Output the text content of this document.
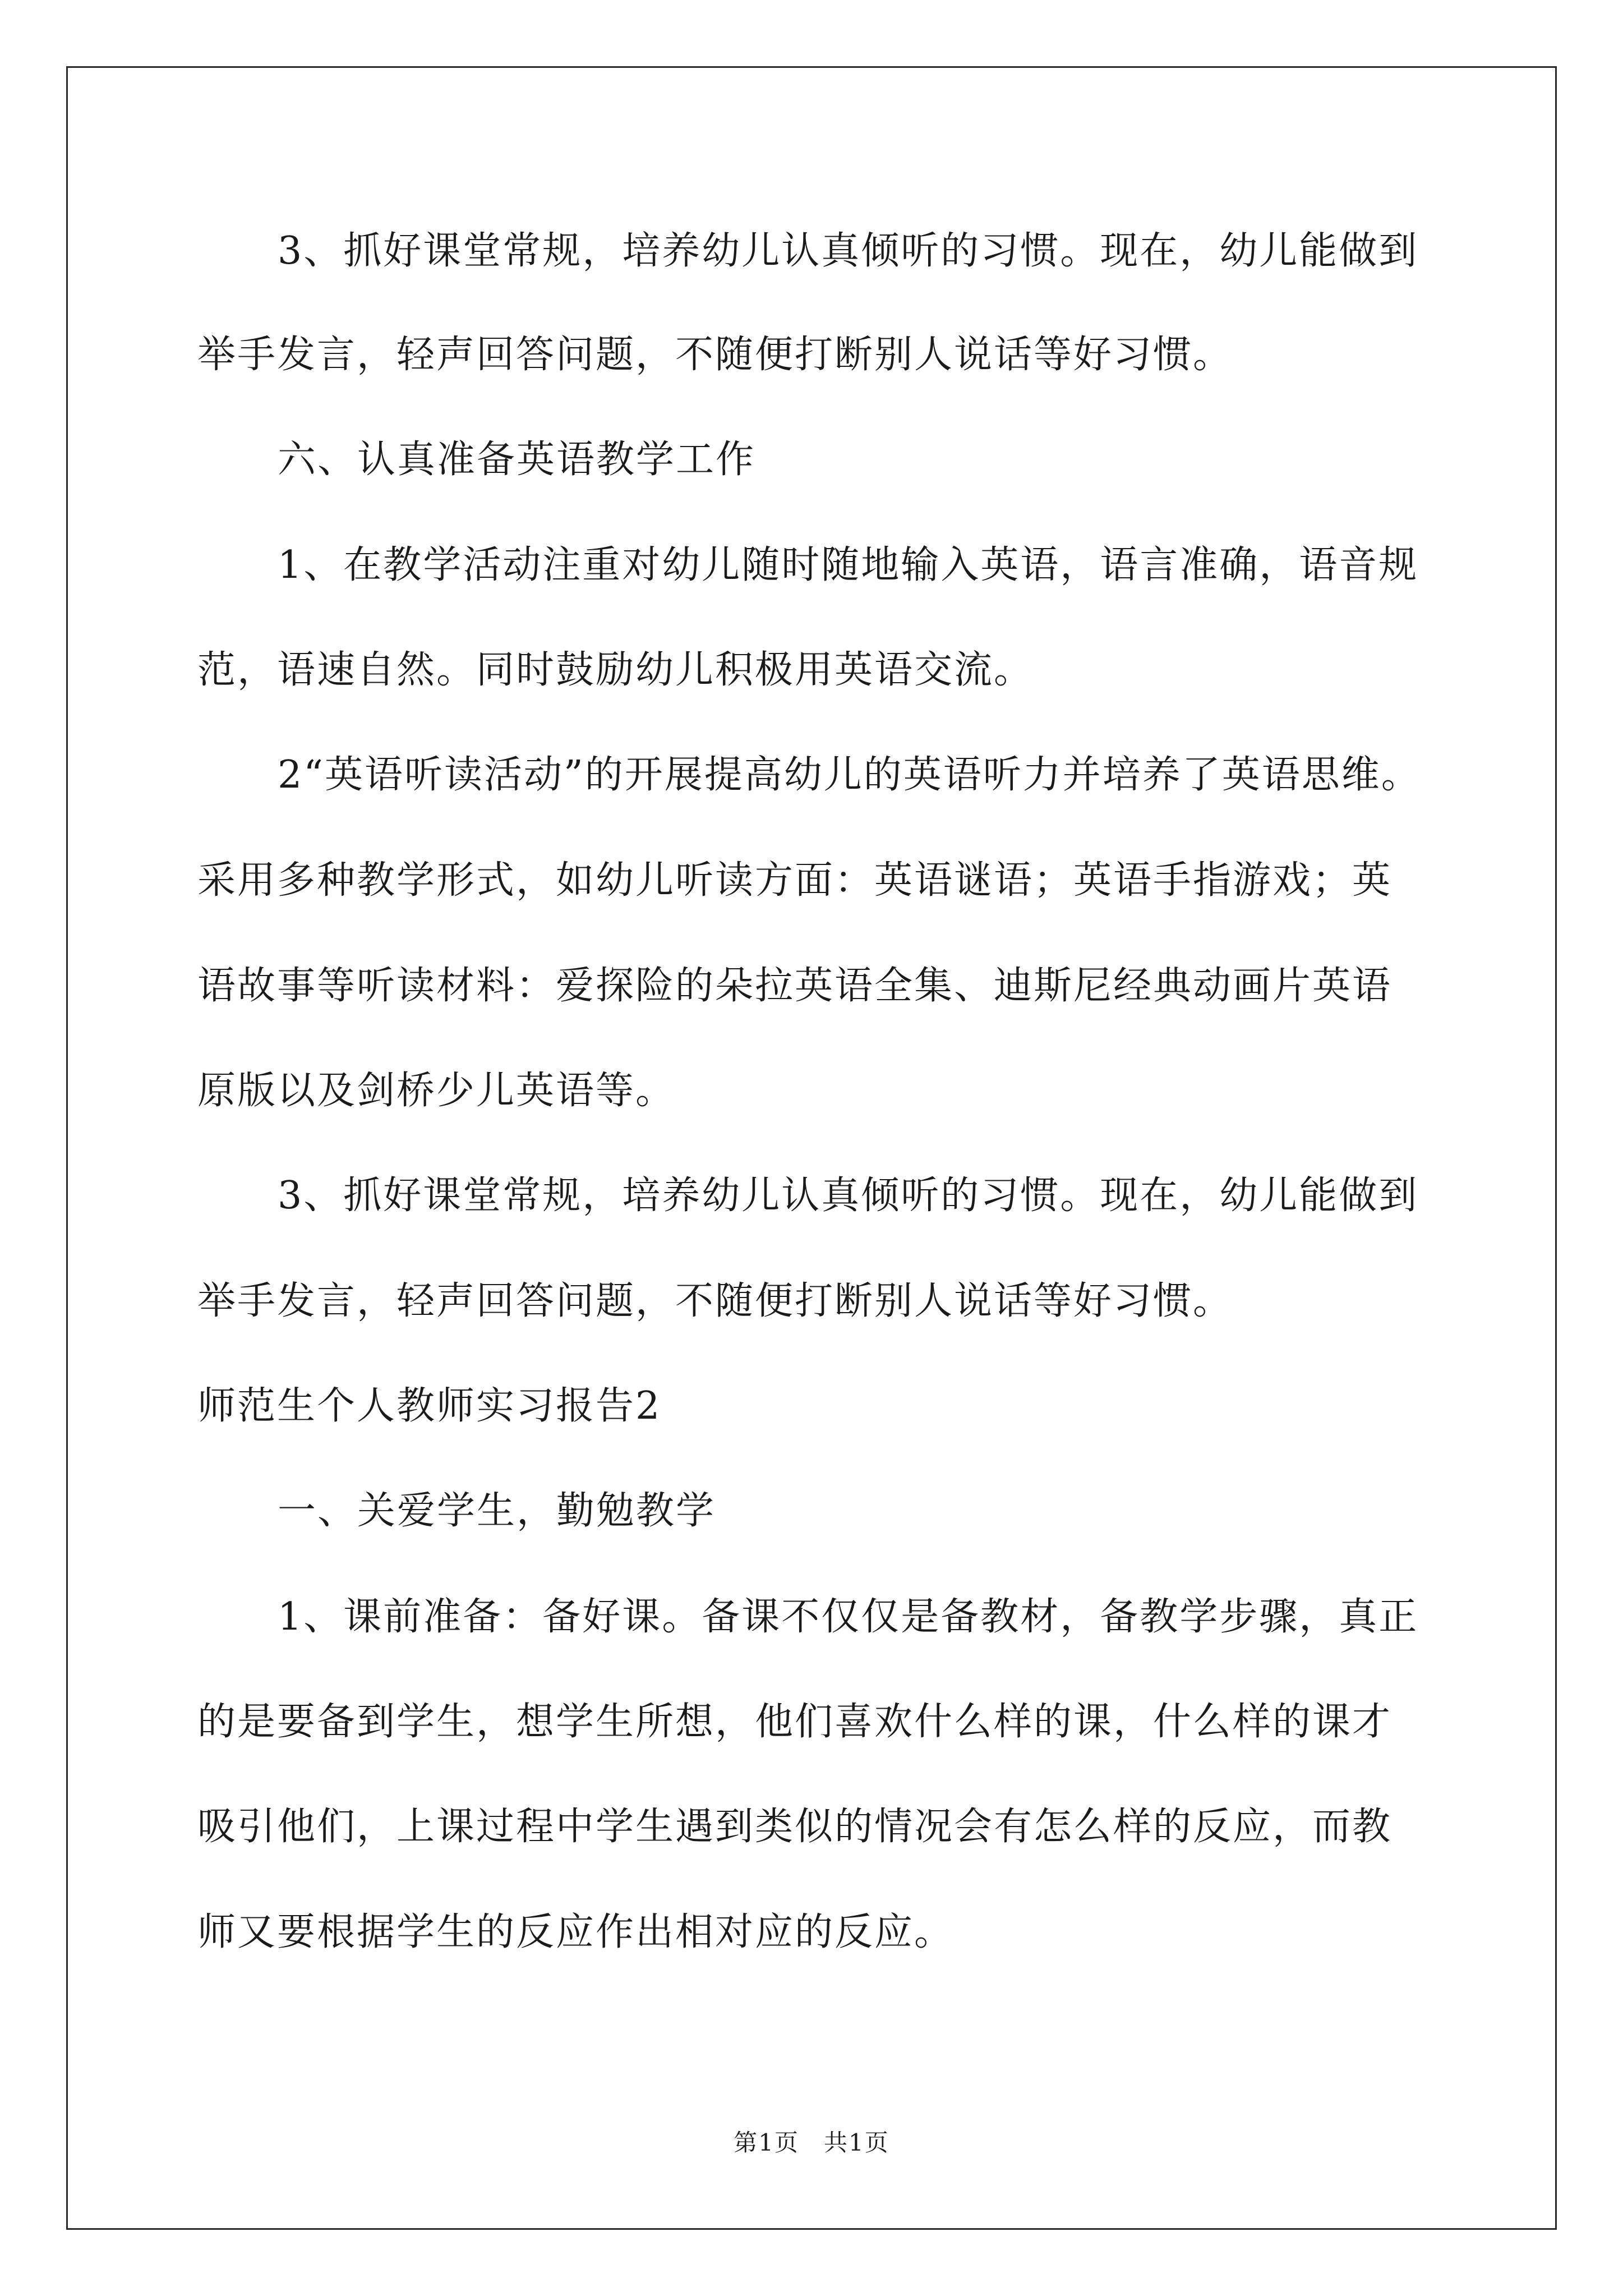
3、抓好课堂常规，培养幼儿认真倾听的习惯。现在，幼儿能做到
举手发言，轻声回答问题，不随便打断别人说话等好习惯。
六、认真准备英语教学工作
1、在教学活动注重对幼儿随时随地输入英语，语言准确，语音规
范，语速自然。同时鼓励幼儿积极用英语交流。
2“英语听读活动”的开展提高幼儿的英语听力并培养了英语思维。
采用多种教学形式，如幼儿听读方面：英语谜语；英语手指游戏；英
语故事等听读材料：爱探险的朵拉英语全集、迪斯尼经典动画片英语
原版以及剑桥少儿英语等。
3、抓好课堂常规，培养幼儿认真倾听的习惯。现在，幼儿能做到
举手发言，轻声回答问题，不随便打断别人说话等好习惯。
师范生个人教师实习报告2
一、关爱学生，勤勉教学
1、课前准备：备好课。备课不仅仅是备教材，备教学步骤，真正
的是要备到学生，想学生所想，他们喜欢什么样的课，什么样的课才
吸引他们，上课过程中学生遇到类似的情况会有怎么样的反应，而教
师又要根据学生的反应作出相对应的反应。
第1页　共1页
